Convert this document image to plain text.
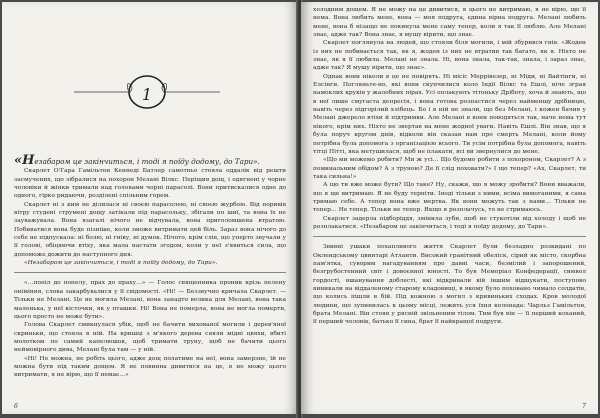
1

«Незабаром це закінчиться, і тоді я поїду додому, до Тари».

Скарлет О'Гара Гамільтон Кеннеді Батлер самотньо стояла оддалік від решти засмучених, що зібралися на похорон Мелані Вілкс. Періщив дощ, і одягнені у чорне чоловіки й жінки тримали над головами чорні парасолі. Вони притискалися одне до одного, гірко ридаючи, розділені спільним горем.

Скарлет ні з ким не ділилася ні своєю парасолею, ні своєю журбою. Від поривів вітру студені струмені дощу затікали під парасольку, збігали по шиї, та вона їх не зауважувала. Вона взагалі нічого не відчувала, вона приголомшена втратою. Побиватися вона буде пізніше, коли зможе витримати цей біль. Зараз вона нічого до себе не підпускала: ні болю, ні гніву, ні думок. Нічого, крім слів, що уперто звучали у її голові, обіцяючи втіху, яка мала настати згодом, коли у неї з'явиться сила, що допоможе дожити до наступного дня.

«Незабаром це закінчиться, і тоді я поїду додому, до Тари».

«…попіл до попелу, прах до праху…» — Голос священника проник крізь пелену оніміння, слова закарбувалися у її свідомості. «Ні! — Беззвучно кричала Скарлет. — Тільки не Мелані. Це не могила Мелані, вона занадто велика для Мелані, вона така маленька, у неї кісточки, як у пташки. Ні! Вона не померла, вона не могла померти, цього просто не може бути».

Голова Скарлет смикнулася убік, щоб не бачити вихованої могили і дерев'яної скриньки, що стояла в ній. На кришці з м'якого дерева сяяли мідні цвяхи, вбиті молотком по самий капелюшок, щоб тримати труну, щоб не бачити цього неймовірного дива, Мелані була там — у ній.

«Ні! Не можна, не робіть цього, адже дощ полатиме на неї, вона замерзне, їй не можна бути під таким дощем. Я не повинна дивитися на це, я не можу цього витримати, я не вірю, що її немає…»

6

холодним дощем. Я не можу на це дивитися, я цього не витримаю, я не вірю, що її нема. Вона любить мене, вона — моя подруга, єдина вірна подруга. Мелані любить мене, вона б нізащо не покинула мене саму тепер, коли я так її люблю. Але Мелані знає, адже так? Вона знає, я мушу вірити, що знає.

Скарлет поглянула на людей, що стояли біля могили, і мій збурився гнів. «Жоден із них не побивається так, як я, жоден із них не втратив так багато, як я. Ніхто не знає, як я її любила. Мелані не знала. Ні, вона знала, так-так, знала, і зараз знає, адже так? Я мушу вірити, що знає».

Однак вони ніколи в це не повірять. Ні місіс Меррівезер, ні Міди, ні Вайтінги, ні Елсінги. Погляньте-но, які вони скупчилися коло Індії Вілкс та Ешлі, ніче зграя намоклих круків у жалобних пірах. Усі оплакують тітоньку Дріботу, хоча й знають, що в неї лише смугаста депресія, і вона готова розпастися через найменшу дрібницю, навіть через підгорілий хлібець. Бо і в ній не знали, що без Мелані, і кожен бачив у Мелані джерело втіхи й підтримки. Але Мелані в вони поводяться так, наче нема тут нікого, крім них. Ніхто не звертав на мене жодної уваги. Навіть Ешлі. Він знав, що я була поруч кругом днів, відколи він сказав нам про смерть Мелані, коли йому потрібна була допомога з організацією всього. Ти усім потрібна була допомога, навіть тітці Пітті, яка метушилася, щоб не плакати, всі ви звернулися до мене.

«Що ми можемо робити? Ми ж усі... Що будемо робити з похороном, Скарлет? А з поминальним обідом? А з труною? Де її слід поховати?» І що тепер? «Ах, Скарлет, ти така сильна!»

А що ти вже може бути? Що таке? Ну, скажи, що я можу зробити? Вони вважали, що я ще витримаю. Я не буду терпіти. Іноді тільки з ними, всіма вимоганими, я сама тримаю себе. А тепер вона вже мертва. Як вони можуть так з нами… Тільки не тепер… Не тепер. Тільки не тепер. Якщо я розплачусь, то не стримаюсь.

Скарлет задерла підборіддя, змінила зуби, щоб не стукотіли від холоду і щоб не розплакатися. «Незабаром це закінчиться, і тоді я поїду додому, до Тари».

Звивні ушаки похапливого життя Скарлет були безладно розкидані по Оклендському цвинтарі Атланти. Високий гранітний обеліск, сірий як місто, скорбна пам'ятка, суворим нагадуванням про давні часи, безмілий і запорошений, безгрубостенний світ і довоєнної юності. То був Меморіал Конфедерації, символ гордості, вшанування доблесті, які відкривали вій іншим відшукати, поступово виникали на віддаленому старому кладовищі, в якому було поховано чимало солдатів, що колись пішли в бій. Під кожною з могил з кривиньких сходах. Кров молодої людини, що зупинилась в цьому місці, лежить уся їхня колонада: Чарльз Гамільтон, брата Мелані. Він стояв у рясній звільненим тілом. Тим був він — її перший коханий, її перший чоловік, батько її сина, брат її найкращої подруги.

7
